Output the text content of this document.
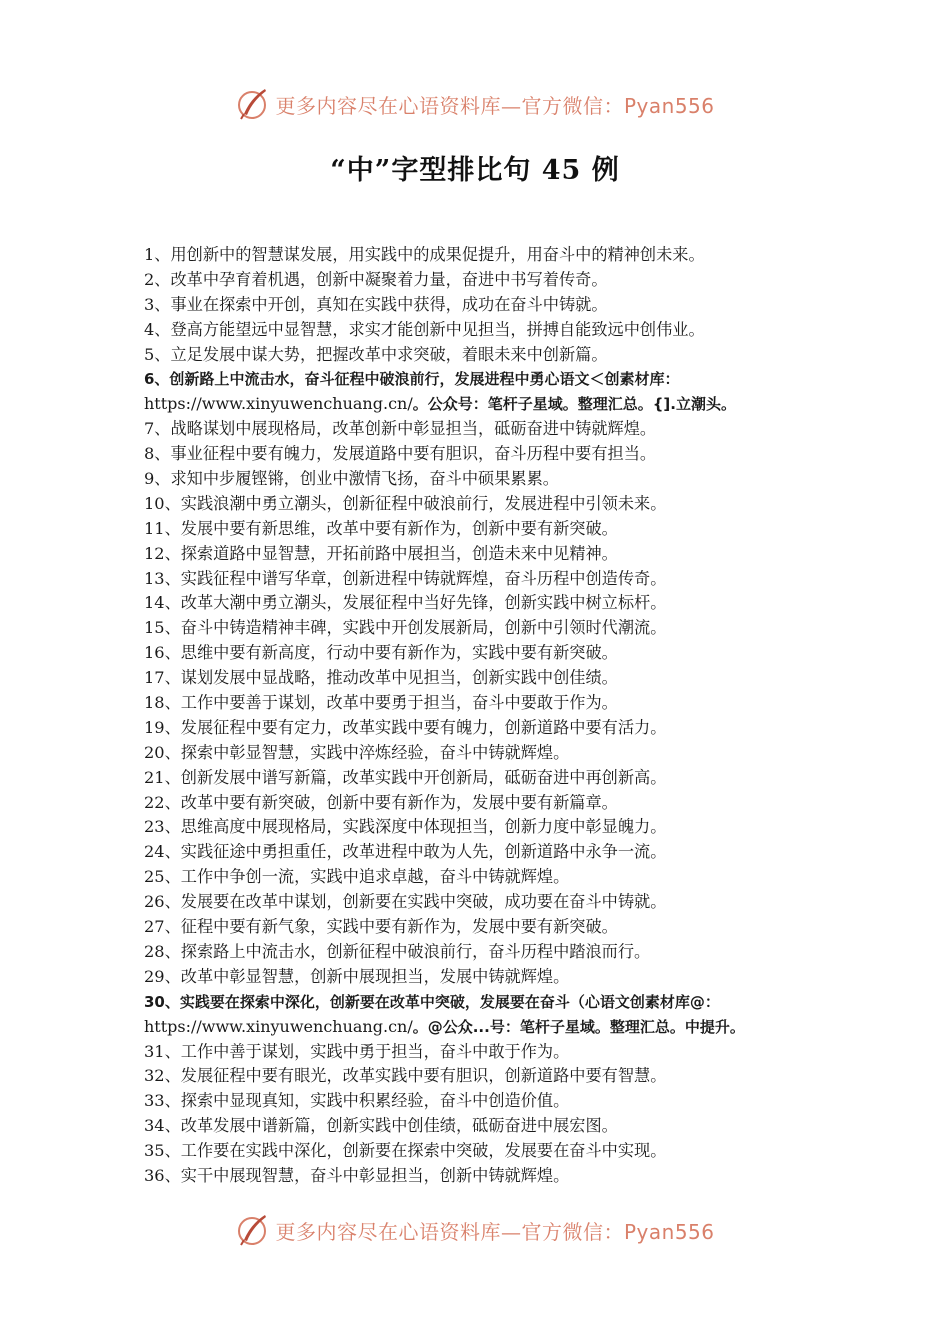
更多内容尽在心语资料库—官方微信：Pyan556
“中”字型排比句 45 例
1、用创新中的智慧谋发展，用实践中的成果促提升，用奋斗中的精神创未来。
2、改革中孕育着机遇，创新中凝聚着力量，奋进中书写着传奇。
3、事业在探索中开创，真知在实践中获得，成功在奋斗中铸就。
4、登高方能望远中显智慧，求实才能创新中见担当，拼搏自能致远中创伟业。
5、立足发展中谋大势，把握改革中求突破，着眼未来中创新篇。
6、创新路上中流击水，奋斗征程中破浪前行，发展进程中勇心语文＜创素材库：
https://www.xinyuwenchuang.cn/。公众号：笔杆子星域。整理汇总。{].立潮头。
7、战略谋划中展现格局，改革创新中彰显担当，砥砺奋进中铸就辉煌。
8、事业征程中要有魄力，发展道路中要有胆识，奋斗历程中要有担当。
9、求知中步履铿锵，创业中激情飞扬，奋斗中硕果累累。
10、实践浪潮中勇立潮头，创新征程中破浪前行，发展进程中引领未来。
11、发展中要有新思维，改革中要有新作为，创新中要有新突破。
12、探索道路中显智慧，开拓前路中展担当，创造未来中见精神。
13、实践征程中谱写华章，创新进程中铸就辉煌，奋斗历程中创造传奇。
14、改革大潮中勇立潮头，发展征程中当好先锋，创新实践中树立标杆。
15、奋斗中铸造精神丰碑，实践中开创发展新局，创新中引领时代潮流。
16、思维中要有新高度，行动中要有新作为，实践中要有新突破。
17、谋划发展中显战略，推动改革中见担当，创新实践中创佳绩。
18、工作中要善于谋划，改革中要勇于担当，奋斗中要敢于作为。
19、发展征程中要有定力，改革实践中要有魄力，创新道路中要有活力。
20、探索中彰显智慧，实践中淬炼经验，奋斗中铸就辉煌。
21、创新发展中谱写新篇，改革实践中开创新局，砥砺奋进中再创新高。
22、改革中要有新突破，创新中要有新作为，发展中要有新篇章。
23、思维高度中展现格局，实践深度中体现担当，创新力度中彰显魄力。
24、实践征途中勇担重任，改革进程中敢为人先，创新道路中永争一流。
25、工作中争创一流，实践中追求卓越，奋斗中铸就辉煌。
26、发展要在改革中谋划，创新要在实践中突破，成功要在奋斗中铸就。
27、征程中要有新气象，实践中要有新作为，发展中要有新突破。
28、探索路上中流击水，创新征程中破浪前行，奋斗历程中踏浪而行。
29、改革中彰显智慧，创新中展现担当，发展中铸就辉煌。
30、实践要在探索中深化，创新要在改革中突破，发展要在奋斗（心语文创素材库@：
https://www.xinyuwenchuang.cn/。@公众...号：笔杆子星域。整理汇总。中提升。
31、工作中善于谋划，实践中勇于担当，奋斗中敢于作为。
32、发展征程中要有眼光，改革实践中要有胆识，创新道路中要有智慧。
33、探索中显现真知，实践中积累经验，奋斗中创造价值。
34、改革发展中谱新篇，创新实践中创佳绩，砥砺奋进中展宏图。
35、工作要在实践中深化，创新要在探索中突破，发展要在奋斗中实现。
36、实干中展现智慧，奋斗中彰显担当，创新中铸就辉煌。
更多内容尽在心语资料库—官方微信：Pyan556
